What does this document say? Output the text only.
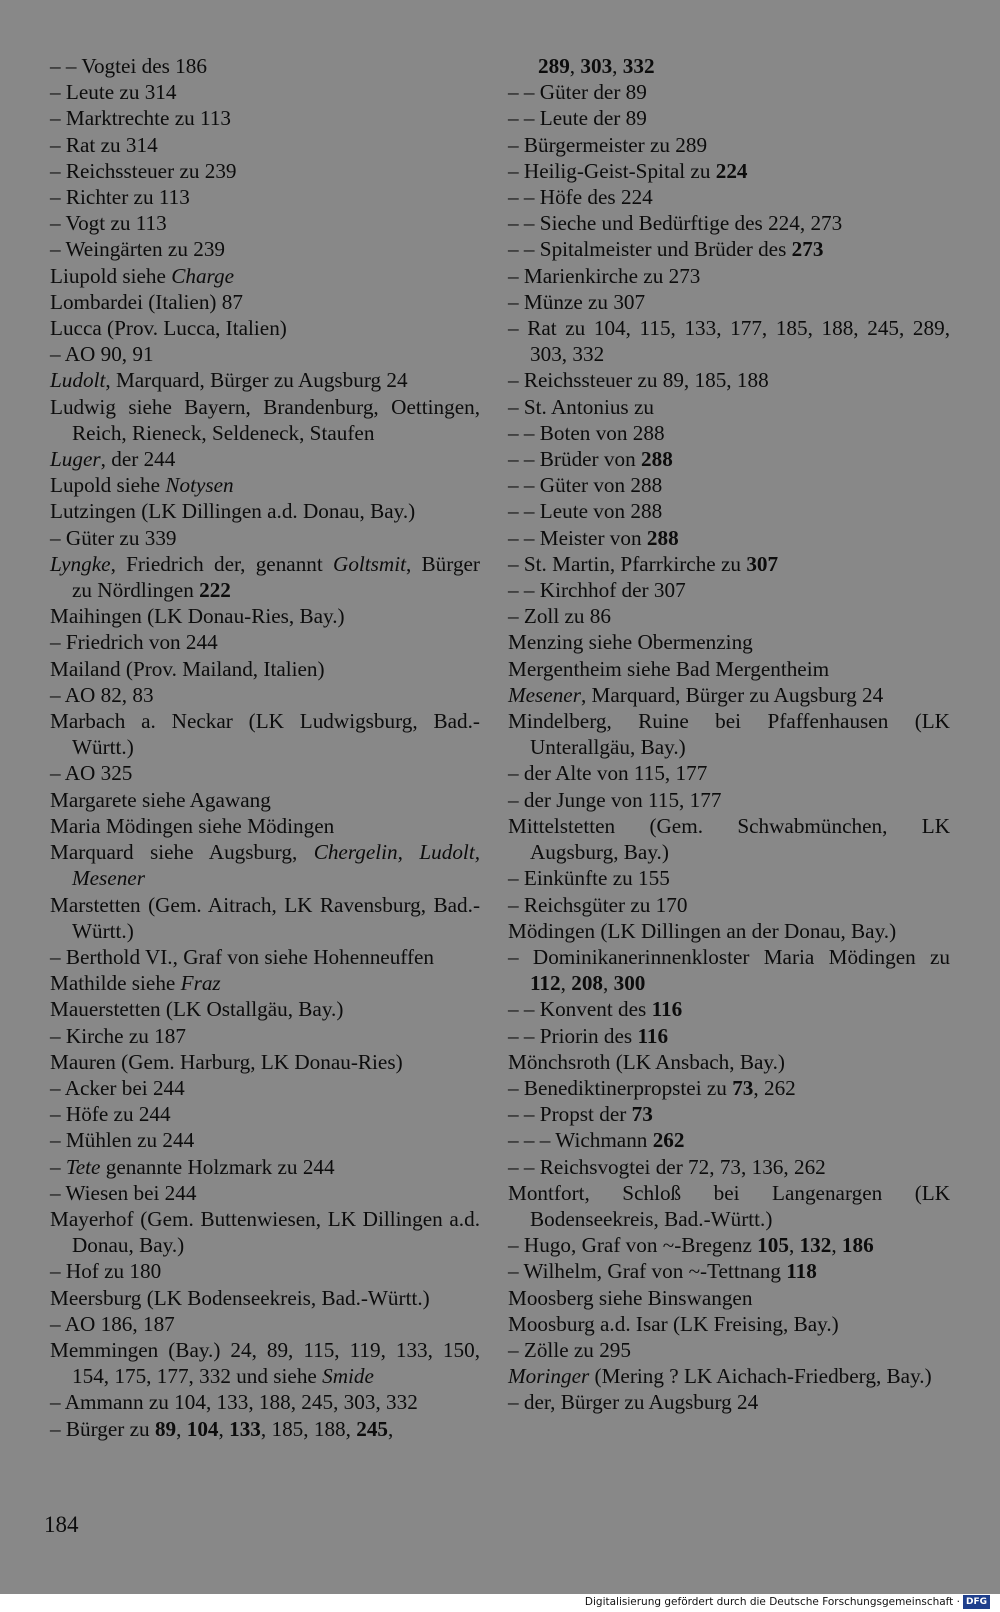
– – Vogtei des 186
– Leute zu 314
– Marktrechte zu 113
– Rat zu 314
– Reichssteuer zu 239
– Richter zu 113
– Vogt zu 113
– Weingärten zu 239
Liupold siehe Charge
Lombardei (Italien) 87
Lucca (Prov. Lucca, Italien)
– AO 90, 91
Ludolt, Marquard, Bürger zu Augsburg 24
Ludwig siehe Bayern, Brandenburg, Oettingen, Reich, Rieneck, Seldeneck, Staufen
Luger, der 244
Lupold siehe Notysen
Lutzingen (LK Dillingen a.d. Donau, Bay.)
– Güter zu 339
Lyngke, Friedrich der, genannt Goltsmit, Bürger zu Nördlingen 222
Maihingen (LK Donau-Ries, Bay.)
– Friedrich von 244
Mailand (Prov. Mailand, Italien)
– AO 82, 83
Marbach a. Neckar (LK Ludwigsburg, Bad.-Württ.)
– AO 325
Margarete siehe Agawang
Maria Mödingen siehe Mödingen
Marquard siehe Augsburg, Chergelin, Ludolt, Mesener
Marstetten (Gem. Aitrach, LK Ravensburg, Bad.-Württ.)
– Berthold VI., Graf von siehe Hohenneuffen
Mathilde siehe Fraz
Mauerstetten (LK Ostallgäu, Bay.)
– Kirche zu 187
Mauren (Gem. Harburg, LK Donau-Ries)
– Acker bei 244
– Höfe zu 244
– Mühlen zu 244
– Tete genannte Holzmark zu 244
– Wiesen bei 244
Mayerhof (Gem. Buttenwiesen, LK Dillingen a.d. Donau, Bay.)
– Hof zu 180
Meersburg (LK Bodenseekreis, Bad.-Württ.)
– AO 186, 187
Memmingen (Bay.) 24, 89, 115, 119, 133, 150, 154, 175, 177, 332 und siehe Smide
– Ammann zu 104, 133, 188, 245, 303, 332
– Bürger zu 89, 104, 133, 185, 188, 245,
289, 303, 332
– – Güter der 89
– – Leute der 89
– Bürgermeister zu 289
– Heilig-Geist-Spital zu 224
– – Höfe des 224
– – Sieche und Bedürftige des 224, 273
– – Spitalmeister und Brüder des 273
– Marienkirche zu 273
– Münze zu 307
– Rat zu 104, 115, 133, 177, 185, 188, 245, 289, 303, 332
– Reichssteuer zu 89, 185, 188
– St. Antonius zu
– – Boten von 288
– – Brüder von 288
– – Güter von 288
– – Leute von 288
– – Meister von 288
– St. Martin, Pfarrkirche zu 307
– – Kirchhof der 307
– Zoll zu 86
Menzing siehe Obermenzing
Mergentheim siehe Bad Mergentheim
Mesener, Marquard, Bürger zu Augsburg 24
Mindelberg, Ruine bei Pfaffenhausen (LK Unterallgäu, Bay.)
– der Alte von 115, 177
– der Junge von 115, 177
Mittelstetten (Gem. Schwabmünchen, LK Augsburg, Bay.)
– Einkünfte zu 155
– Reichsgüter zu 170
Mödingen (LK Dillingen an der Donau, Bay.)
– Dominikanerinnenkloster Maria Mödingen zu 112, 208, 300
– – Konvent des 116
– – Priorin des 116
Mönchsroth (LK Ansbach, Bay.)
– Benediktinerpropstei zu 73, 262
– – Propst der 73
– – – Wichmann 262
– – Reichsvogtei der 72, 73, 136, 262
Montfort, Schloß bei Langenargen (LK Bodenseekreis, Bad.-Württ.)
– Hugo, Graf von ~-Bregenz 105, 132, 186
– Wilhelm, Graf von ~-Tettnang 118
Moosberg siehe Binswangen
Moosburg a.d. Isar (LK Freising, Bay.)
– Zölle zu 295
Moringer (Mering ? LK Aichach-Friedberg, Bay.)
– der, Bürger zu Augsburg 24
184
Digitalisierung gefördert durch die Deutsche Forschungsgemeinschaft · DFG
